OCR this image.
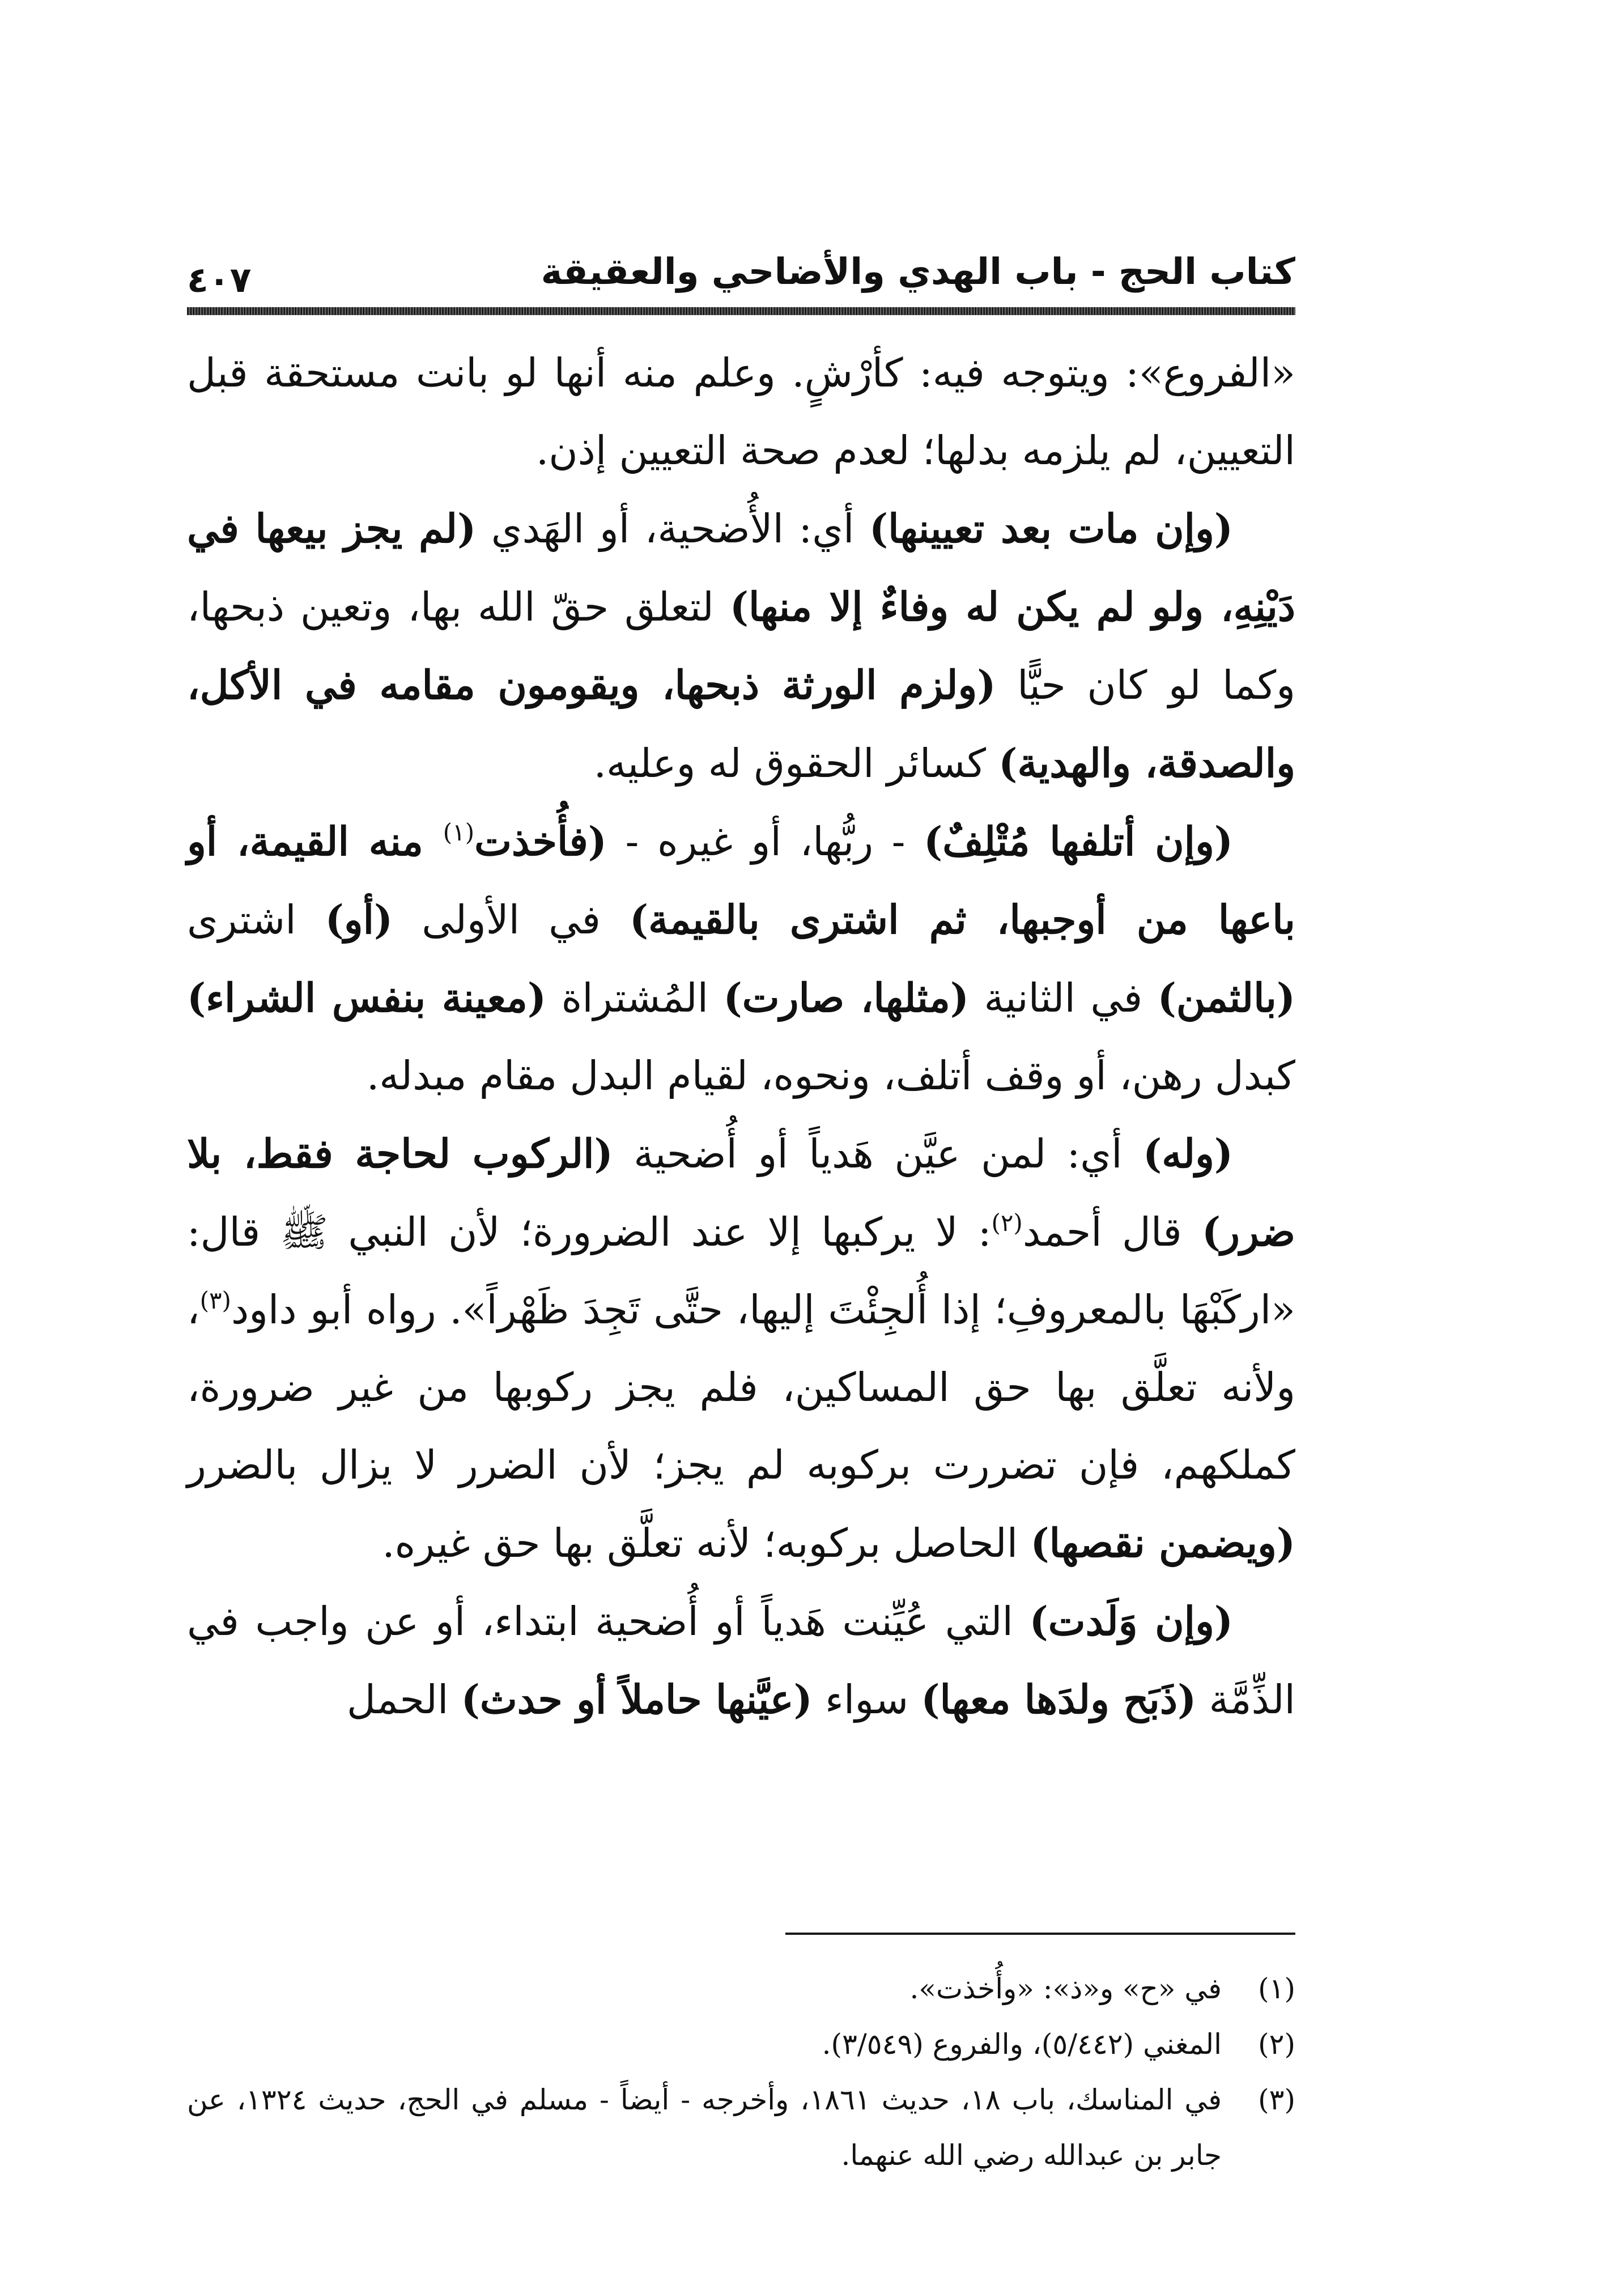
كتاب الحج - باب الهدي والأضاحي والعقيقة
٤٠٧

«الفروع»: ويتوجه فيه: كأرْشٍ. وعلم منه أنها لو بانت مستحقة قبل التعيين، لم يلزمه بدلها؛ لعدم صحة التعيين إذن.

(وإن مات بعد تعيينها) أي: الأُضحية، أو الهَدي (لم يجز بيعها في دَيْنِهِ، ولو لم يكن له وفاءٌ إلا منها) لتعلق حقّ الله بها، وتعين ذبحها، وكما لو كان حيًّا (ولزم الورثة ذبحها، ويقومون مقامه في الأكل، والصدقة، والهدية) كسائر الحقوق له وعليه.

(وإن أتلفها مُتْلِفٌ) - ربُّها، أو غيره - (فأُخذت$^{(١)}$ منه القيمة، أو باعها من أوجبها، ثم اشترى بالقيمة) في الأولى (أو) اشترى (بالثمن) في الثانية (مثلها، صارت) المُشتراة (معينة بنفس الشراء) كبدل رهن، أو وقف أتلف، ونحوه، لقيام البدل مقام مبدله.

(وله) أي: لمن عيَّن هَدياً أو أُضحية (الركوب لحاجة فقط، بلا ضرر) قال أحمد$^{(٢)}$: لا يركبها إلا عند الضرورة؛ لأن النبي ﷺ قال: «اركَبْهَا بالمعروفِ؛ إذا أُلجِئْتَ إليها، حتَّى تَجِدَ ظَهْراً». رواه أبو داود$^{(٣)}$، ولأنه تعلَّق بها حق المساكين، فلم يجز ركوبها من غير ضرورة، كملكهم، فإن تضررت بركوبه لم يجز؛ لأن الضرر لا يزال بالضرر (ويضمن نقصها) الحاصل بركوبه؛ لأنه تعلَّق بها حق غيره.

(وإن وَلَدت) التي عُيِّنت هَدياً أو أُضحية ابتداء، أو عن واجب في الذِّمَّة (ذَبَح ولدَها معها) سواء (عيَّنها حاملاً أو حدث) الحمل

(١)
في «ح» و«ذ»: «وأُخذت».
(٢)
المغني (٥/٤٤٢)، والفروع (٣/٥٤٩).
(٣)
في المناسك، باب ١٨، حديث ١٨٦١، وأخرجه - أيضاً - مسلم في الحج، حديث ١٣٢٤، عن جابر بن عبدالله رضي الله عنهما.
